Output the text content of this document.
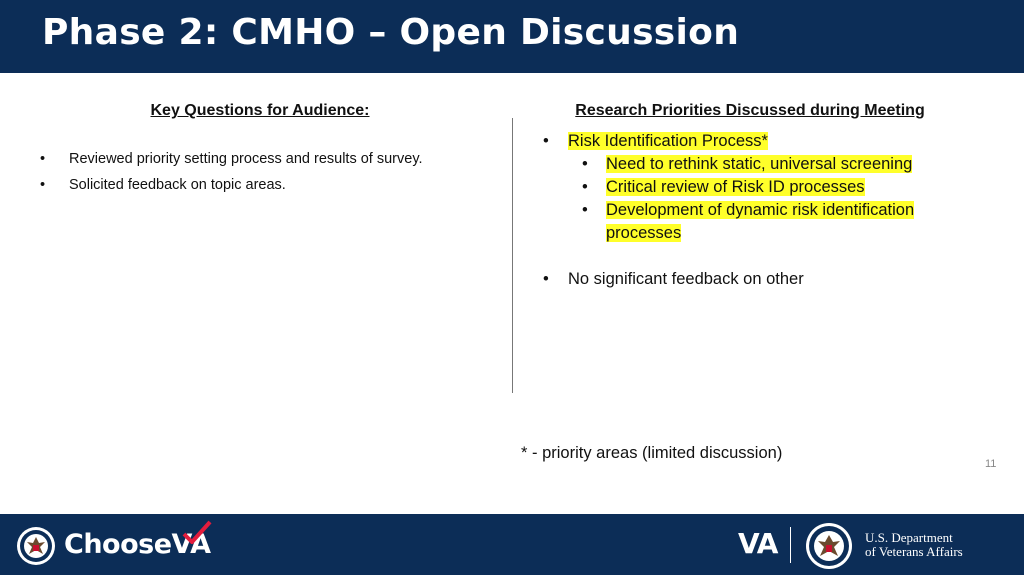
Phase 2: CMHO – Open Discussion
Key Questions for Audience:
• Reviewed priority setting process and results of survey.
• Solicited feedback on topic areas.
Research Priorities Discussed during Meeting
• Risk Identification Process*
• Need to rethink static, universal screening
• Critical review of Risk ID processes
• Development of dynamic risk identification processes
• No significant feedback on other
* - priority areas (limited discussion)
11
ChooseVA	VA	U.S. Department
of Veterans Affairs
